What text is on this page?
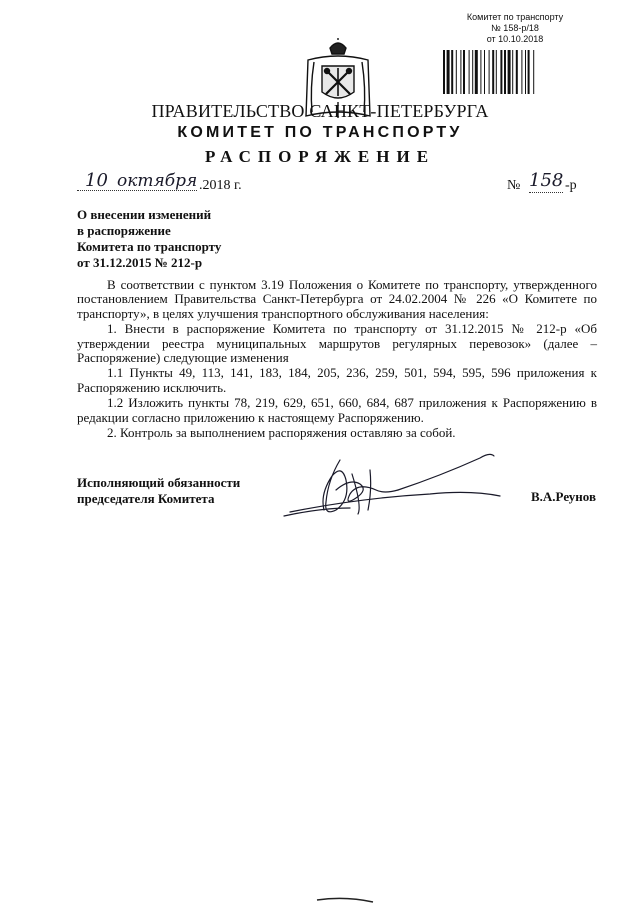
Комитет по транспорту
№ 158-р/18
от 10.10.2018
ПРАВИТЕЛЬСТВО САНКТ-ПЕТЕРБУРГА
КОМИТЕТ ПО ТРАНСПОРТУ
РАСПОРЯЖЕНИЕ
10 октября .2018 г.	№ 158 -р
О внесении изменений
в распоряжение
Комитета по транспорту
от 31.12.2015 № 212-р

В соответствии с пунктом 3.19 Положения о Комитете по транспорту, утвержденного постановлением Правительства Санкт-Петербурга от 24.02.2004 № 226 «О Комитете по транспорту», в целях улучшения транспортного обслуживания населения:

1. Внести в распоряжение Комитета по транспорту от 31.12.2015 № 212-р «Об утверждении реестра муниципальных маршрутов регулярных перевозок» (далее – Распоряжение) следующие изменения

1.1 Пункты 49, 113, 141, 183, 184, 205, 236, 259, 501, 594, 595, 596 приложения к Распоряжению исключить.

1.2 Изложить пункты 78, 219, 629, 651, 660, 684, 687 приложения к Распоряжению в редакции согласно приложению к настоящему Распоряжению.

2. Контроль за выполнением распоряжения оставляю за собой.

Исполняющий обязанности
председателя Комитета	В.А.Реунов
